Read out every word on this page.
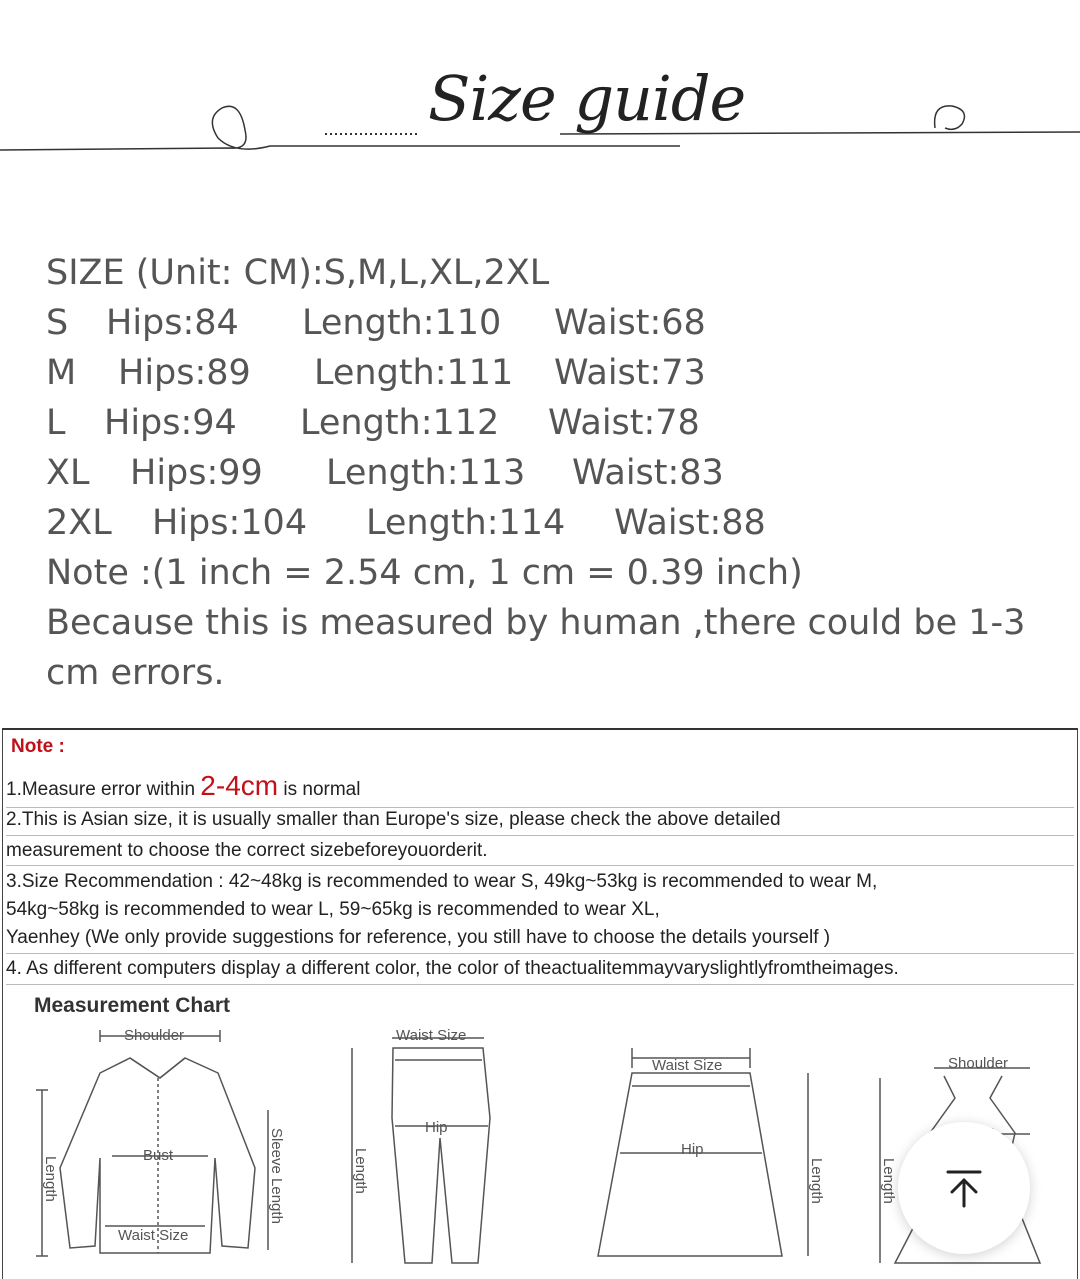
Size guide
SIZE (Unit: CM):S,M,L,XL,2XL
S Hips:84 Length:110 Waist:68
M Hips:89 Length:111 Waist:73
L Hips:94 Length:112 Waist:78
XL Hips:99 Length:113 Waist:83
2XL Hips:104 Length:114 Waist:88
Note :(1 inch = 2.54 cm, 1 cm = 0.39 inch)
Because this is measured by human ,there could be 1-3 cm errors.
Note :
1.Measure error within 2-4cm is normal
2.This is Asian size, it is usually smaller than Europe's size, please check the above detailed
measurement to choose the correct sizebeforeyouorderit.
3.Size Recommendation : 42~48kg is recommended to wear S, 49kg~53kg is recommended to wear M,
54kg~58kg is recommended to wear L, 59~65kg is recommended to wear XL,
Yaenhey (We only provide suggestions for reference, you still have to choose the details yourself )
4. As different computers display a different color, the color of theactualitemmayvaryslightlyfromtheimages.
Measurement Chart
Shoulder
Bust
Waist Size
Length	Sleeve Length
Waist Size
Hip
Length
Waist Size
Hip
Length
Shoulder
Length
